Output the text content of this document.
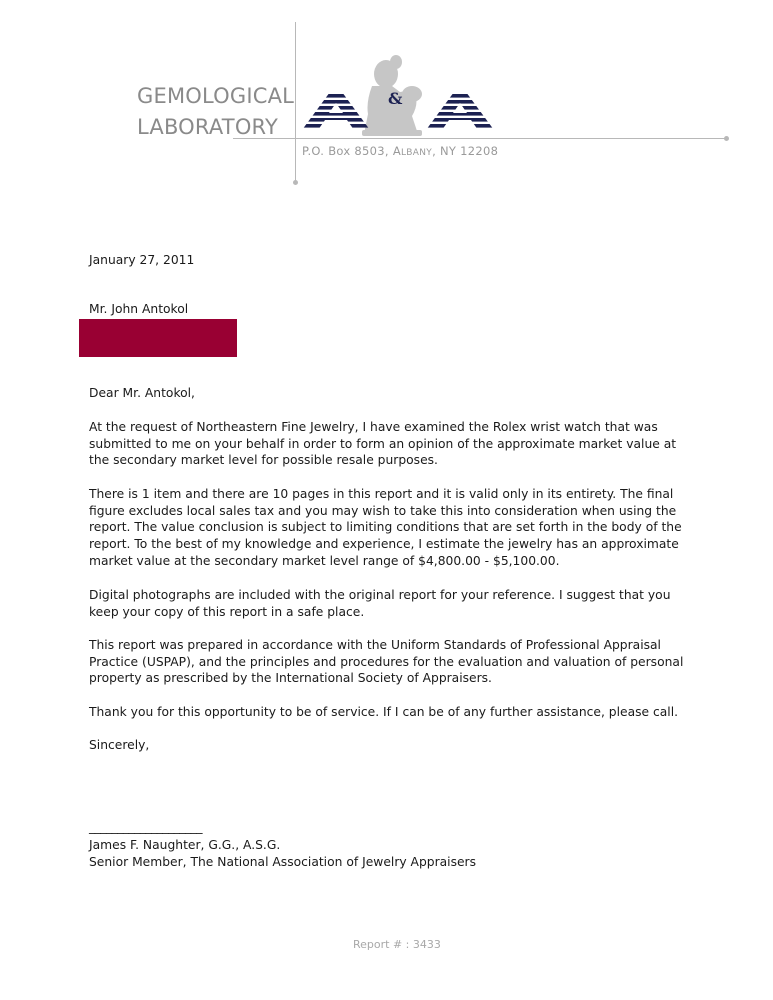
GEMOLOGICAL
LABORATORY
&
P.O. Box 8503, ALBANY, NY 12208
January 27, 2011
Mr. John Antokol
Dear Mr. Antokol,
At the request of Northeastern Fine Jewelry, I have examined the Rolex wrist watch that was
submitted to me on your behalf in order to form an opinion of the approximate market value at
the secondary market level for possible resale purposes.
There is 1 item and there are 10 pages in this report and it is valid only in its entirety. The final
figure excludes local sales tax and you may wish to take this into consideration when using the
report. The value conclusion is subject to limiting conditions that are set forth in the body of the
report. To the best of my knowledge and experience, I estimate the jewelry has an approximate
market value at the secondary market level range of $4,800.00 - $5,100.00.
Digital photographs are included with the original report for your reference. I suggest that you
keep your copy of this report in a safe place.
This report was prepared in accordance with the Uniform Standards of Professional Appraisal
Practice (USPAP), and the principles and procedures for the evaluation and valuation of personal
property as prescribed by the International Society of Appraisers.
Thank you for this opportunity to be of service. If I can be of any further assistance, please call.
Sincerely,
____________________
James F. Naughter, G.G., A.S.G.
Senior Member, The National Association of Jewelry Appraisers
Report # : 3433
